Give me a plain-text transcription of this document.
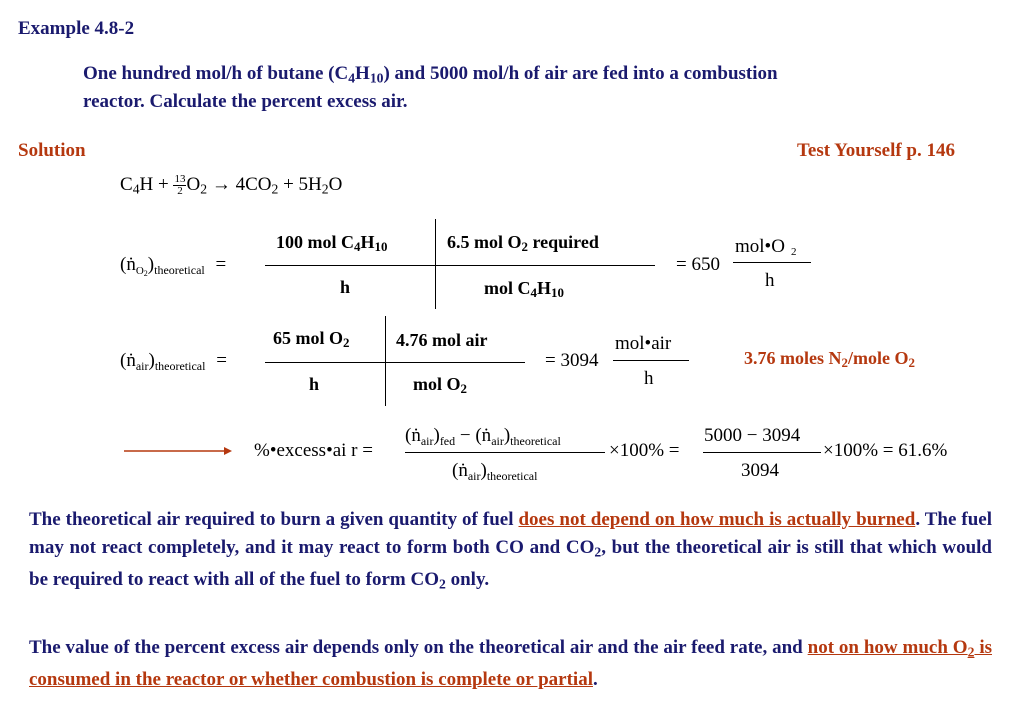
Example 4.8-2
One hundred mol/h of butane $(C_4H_{10})$ and 5000 mol/h of air are fed into a combustion
reactor. Calculate the percent excess air.
Solution	Test Yourself p. 146
$C_4H + \frac{13}{2} O_2 \to 4CO_2 + 5H_2O$
$(ṅ_{O2})_{theoretical}$ =
100 mol $C_4H_{10}$	6.5 mol $O_2$ required
h	mol $C_4H_{10}$
= 650
mol•O 2
h
$(ṅ_{air})_{theoretical}$ =
65 mol $O_2$	4.76 mol air
h	mol $O_2$
= 3094
mol•air
h
3.76 moles $N_2$/mole $O_2$
%•excess•ai r =
$(ṅ_{air})_{fed}$ − $(ṅ_{air})_{theoretical}$
$(ṅ_{air})_{theoretical}$
×100% =
5000 − 3094
3094
×100% = 61.6%
The theoretical air required to burn a given quantity of fuel does not depend on how much is actually burned. The fuel may not react completely, and it may react to form both CO and $CO_2$, but the theoretical air is still that which would be required to react with all of the fuel to form $CO_2$ only.
The value of the percent excess air depends only on the theoretical air and the air feed rate, and not on how much $O_2$ is consumed in the reactor or whether combustion is complete or partial.
